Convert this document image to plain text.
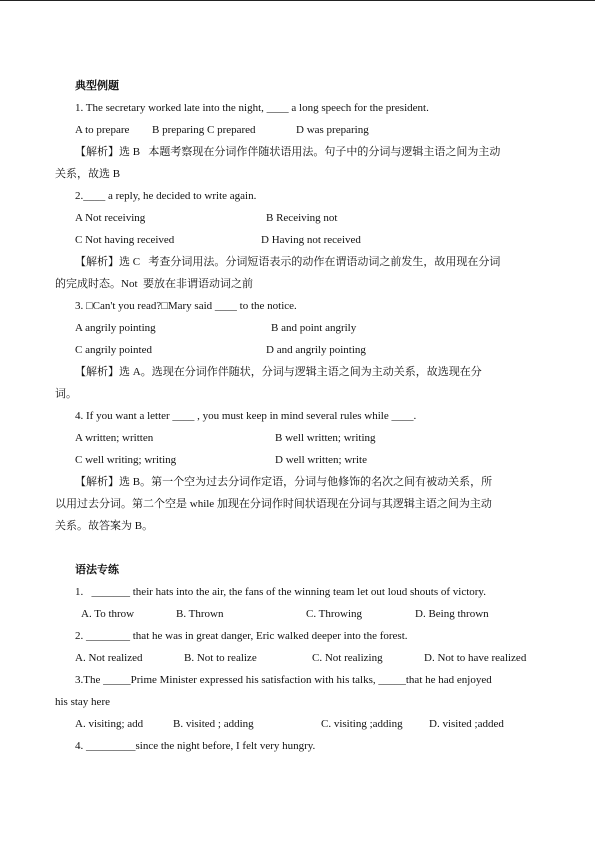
典型例题
1. The secretary worked late into the night, ____ a long speech for the president.
A to prepare B preparing C prepared	D was preparing
【解析】选 B   本题考察现在分词作伴随状语用法。句子中的分词与逻辑主语之间为主动
关系，故选 B
2.____ a reply, he decided to write again.
A Not receiving	B Receiving not
C Not having received	D Having not received
【解析】选 C   考查分词用法。分词短语表示的动作在谓语动词之前发生，故用现在分词
的完成时态。Not  要放在非谓语动词之前
3. □Can't you read?□Mary said ____ to the notice.
A angrily pointing	B and point angrily
C angrily pointed	D and angrily pointing
【解析】选 A。选现在分词作伴随状，分词与逻辑主语之间为主动关系，故选现在分
词。
4. If you want a letter ____ , you must keep in mind several rules while ____.
A written; written	B well written; writing
C well writing; writing	D well written; write
【解析】选 B。第一个空为过去分词作定语，分词与他修饰的名次之间有被动关系，所
以用过去分词。第二个空是 while 加现在分词作时间状语现在分词与其逻辑主语之间为主动
关系。故答案为 B。
语法专练
1.   _______ their hats into the air, the fans of the winning team let out loud shouts of victory.
A. To throw	B. Thrown	C. Throwing	D. Being thrown
2. ________ that he was in great danger, Eric walked deeper into the forest.
A. Not realized	B. Not to realize	C. Not realizing	D. Not to have realized
3.The _____Prime Minister expressed his satisfaction with his talks, _____that he had enjoyed
his stay here
A. visiting; add	B. visited ; adding	C. visiting ;adding D. visited ;added
4. _________since the night before, I felt very hungry.
